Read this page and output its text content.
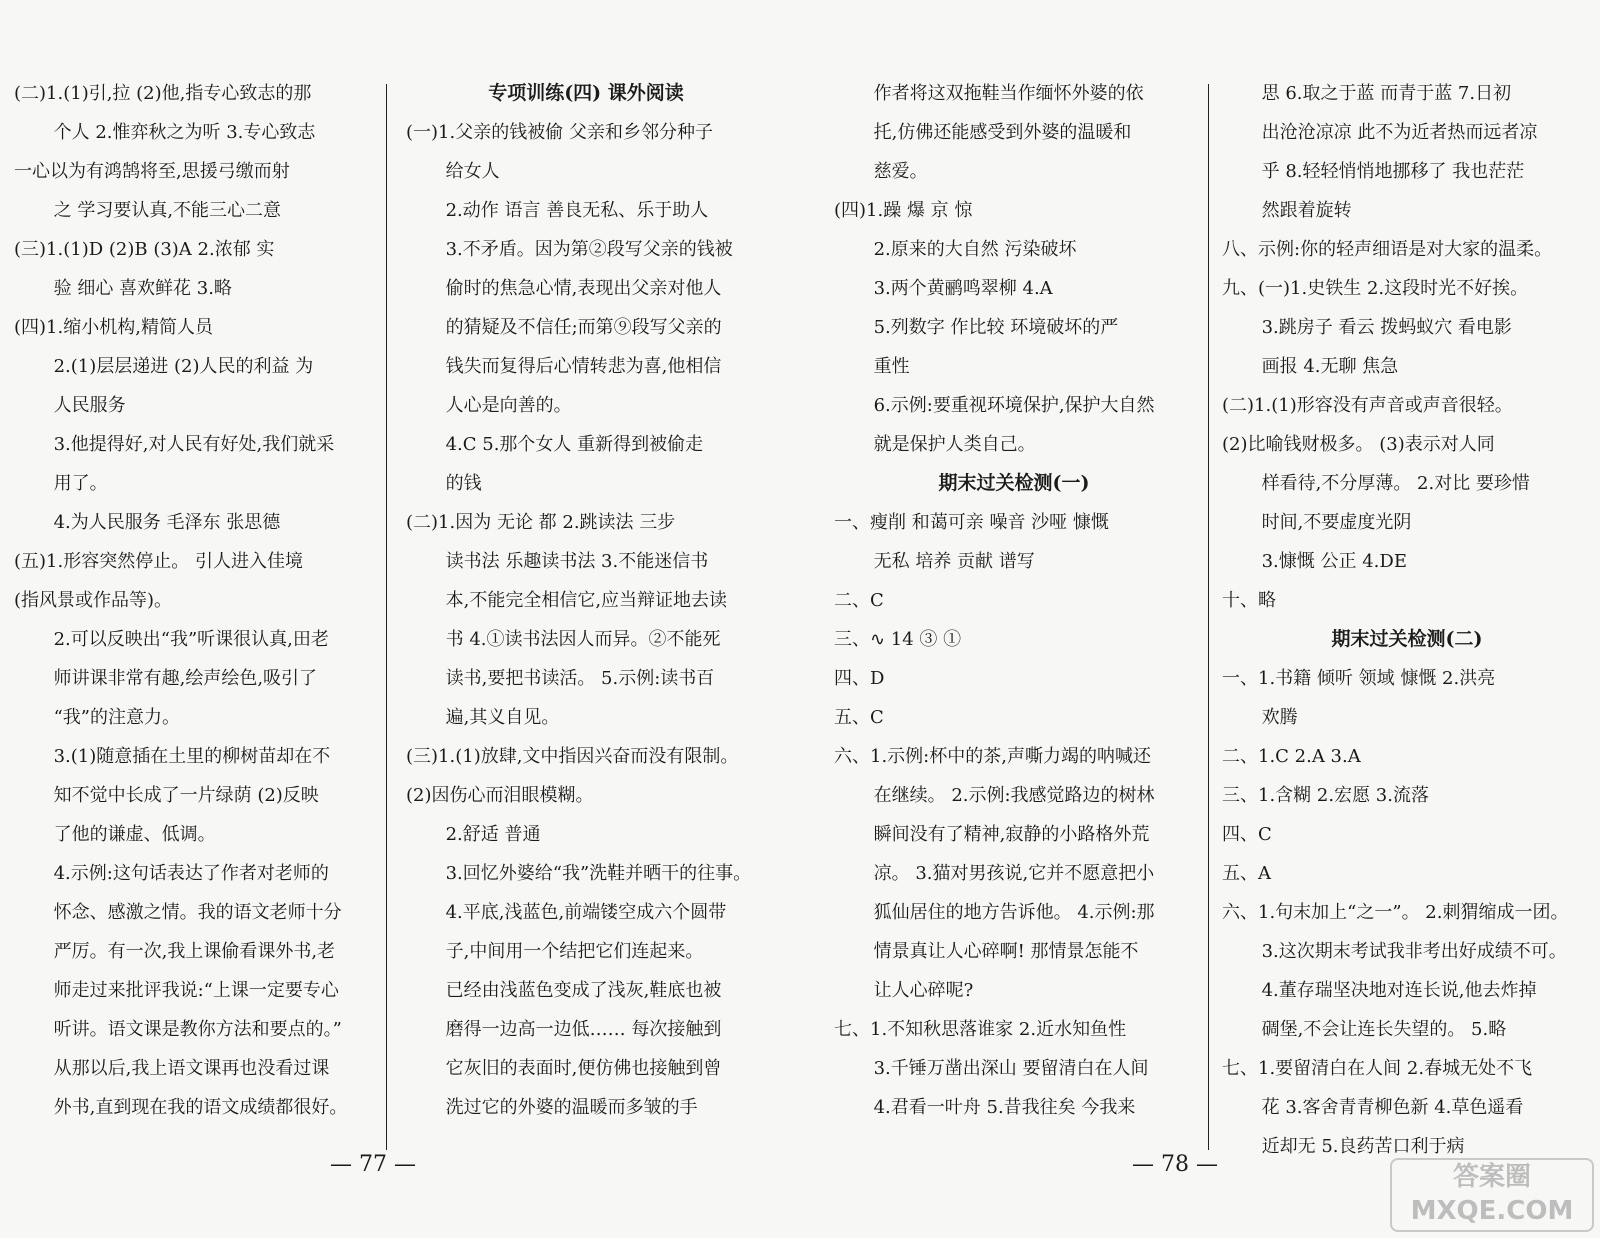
(二)1.(1)引,拉 (2)他,指专心致志的那

个人 2.惟弈秋之为听 3.专心致志

一心以为有鸿鹄将至,思援弓缴而射

之 学习要认真,不能三心二意

(三)1.(1)D (2)B (3)A 2.浓郁 实

验 细心 喜欢鲜花 3.略

(四)1.缩小机构,精简人员

2.(1)层层递进 (2)人民的利益 为

人民服务

3.他提得好,对人民有好处,我们就采

用了。

4.为人民服务 毛泽东 张思德

(五)1.形容突然停止。 引人进入佳境

(指风景或作品等)。

2.可以反映出“我”听课很认真,田老

师讲课非常有趣,绘声绘色,吸引了

“我”的注意力。

3.(1)随意插在土里的柳树苗却在不

知不觉中长成了一片绿荫 (2)反映

了他的谦虚、低调。

4.示例:这句话表达了作者对老师的

怀念、感激之情。我的语文老师十分

严厉。有一次,我上课偷看课外书,老

师走过来批评我说:“上课一定要专心

听讲。语文课是教你方法和要点的。”

从那以后,我上语文课再也没看过课

外书,直到现在我的语文成绩都很好。

专项训练(四) 课外阅读

(一)1.父亲的钱被偷 父亲和乡邻分种子

给女人

2.动作 语言 善良无私、乐于助人

3.不矛盾。因为第②段写父亲的钱被

偷时的焦急心情,表现出父亲对他人

的猜疑及不信任;而第⑨段写父亲的

钱失而复得后心情转悲为喜,他相信

人心是向善的。

4.C 5.那个女人 重新得到被偷走

的钱

(二)1.因为 无论 都 2.跳读法 三步

读书法 乐趣读书法 3.不能迷信书

本,不能完全相信它,应当辩证地去读

书 4.①读书法因人而异。②不能死

读书,要把书读活。 5.示例:读书百

遍,其义自见。

(三)1.(1)放肆,文中指因兴奋而没有限制。

(2)因伤心而泪眼模糊。

2.舒适 普通

3.回忆外婆给“我”洗鞋并晒干的往事。

4.平底,浅蓝色,前端镂空成六个圆带

子,中间用一个结把它们连起来。

已经由浅蓝色变成了浅灰,鞋底也被

磨得一边高一边低…… 每次接触到

它灰旧的表面时,便仿佛也接触到曾

洗过它的外婆的温暖而多皱的手

作者将这双拖鞋当作缅怀外婆的依

托,仿佛还能感受到外婆的温暖和

慈爱。

(四)1.躁 爆 京 惊

2.原来的大自然 污染破坏

3.两个黄鹂鸣翠柳 4.A

5.列数字 作比较 环境破坏的严

重性

6.示例:要重视环境保护,保护大自然

就是保护人类自己。

期末过关检测(一)

一、瘦削 和蔼可亲 噪音 沙哑 慷慨

无私 培养 贡献 谱写

二、C

三、∿ 14 ③ ①

四、D

五、C

六、1.示例:杯中的茶,声嘶力竭的呐喊还

在继续。 2.示例:我感觉路边的树林

瞬间没有了精神,寂静的小路格外荒

凉。 3.猫对男孩说,它并不愿意把小

狐仙居住的地方告诉他。 4.示例:那

情景真让人心碎啊! 那情景怎能不

让人心碎呢?

七、1.不知秋思落谁家 2.近水知鱼性

3.千锤万凿出深山 要留清白在人间

4.君看一叶舟 5.昔我往矣 今我来

思 6.取之于蓝 而青于蓝 7.日初

出沧沧凉凉 此不为近者热而远者凉

乎 8.轻轻悄悄地挪移了 我也茫茫

然跟着旋转

八、示例:你的轻声细语是对大家的温柔。

九、(一)1.史铁生 2.这段时光不好挨。

3.跳房子 看云 拨蚂蚁穴 看电影

画报 4.无聊 焦急

(二)1.(1)形容没有声音或声音很轻。

(2)比喻钱财极多。 (3)表示对人同

样看待,不分厚薄。 2.对比 要珍惜

时间,不要虚度光阴

3.慷慨 公正 4.DE

十、略

期末过关检测(二)

一、1.书籍 倾听 领域 慷慨 2.洪亮

欢腾

二、1.C 2.A 3.A

三、1.含糊 2.宏愿 3.流落

四、C

五、A

六、1.句末加上“之一”。 2.刺猬缩成一团。

3.这次期末考试我非考出好成绩不可。

4.董存瑞坚决地对连长说,他去炸掉

碉堡,不会让连长失望的。 5.略

七、1.要留清白在人间 2.春城无处不飞

花 3.客舍青青柳色新 4.草色遥看

近却无 5.良药苦口利于病

— 77 —	— 78 —	答案圈
MXQE.COM
